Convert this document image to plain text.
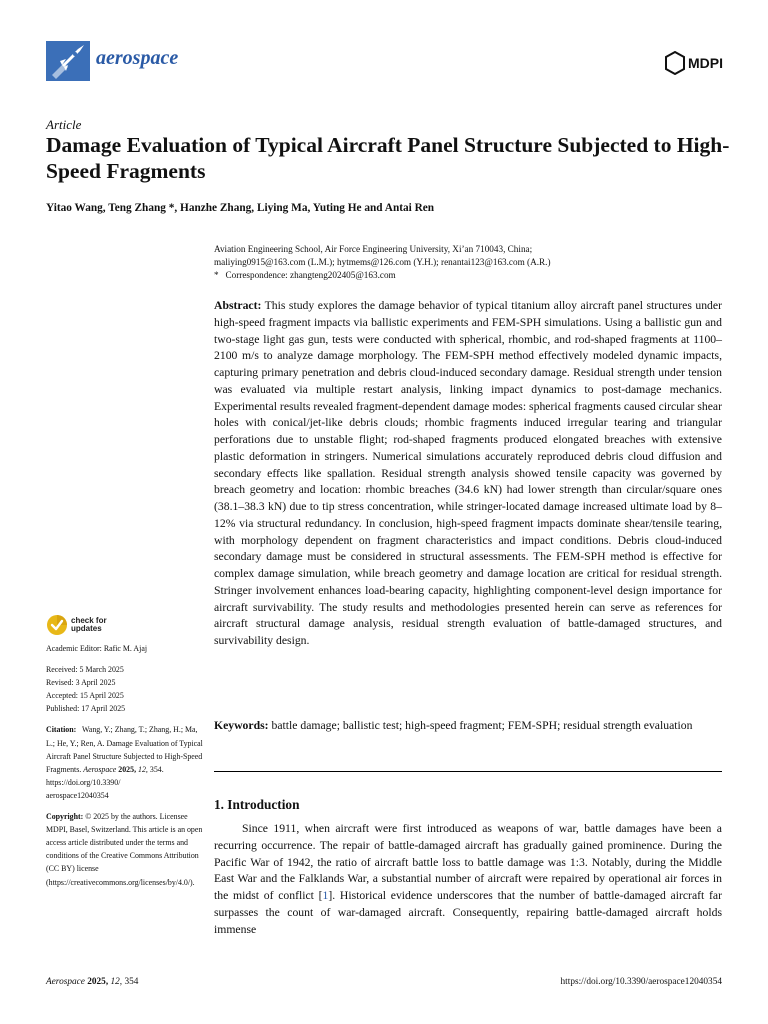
aerospace	MDPI
Article
Damage Evaluation of Typical Aircraft Panel Structure Subjected to High-Speed Fragments
Yitao Wang, Teng Zhang *, Hanzhe Zhang, Liying Ma, Yuting He and Antai Ren
Aviation Engineering School, Air Force Engineering University, Xi’an 710043, China;
maliying0915@163.com (L.M.); hytmems@126.com (Y.H.); renantai123@163.com (A.R.)
* Correspondence: zhangteng202405@163.com
Abstract: This study explores the damage behavior of typical titanium alloy aircraft panel structures under high-speed fragment impacts via ballistic experiments and FEM-SPH simulations. Using a ballistic gun and two-stage light gas gun, tests were conducted with spherical, rhombic, and rod-shaped fragments at 1100–2100 m/s to analyze damage morphology. The FEM-SPH method effectively modeled dynamic impacts, capturing primary penetration and debris cloud-induced secondary damage. Residual strength under tension was evaluated via multiple restart analysis, linking impact dynamics to post-damage mechanics. Experimental results revealed fragment-dependent damage modes: spherical fragments caused circular shear holes with conical/jet-like debris clouds; rhombic fragments induced irregular tearing and triangular perforations due to unstable flight; rod-shaped fragments produced elongated breaches with extensive plastic deformation in stringers. Numerical simulations accurately reproduced debris cloud diffusion and secondary effects like spallation. Residual strength analysis showed tensile capacity was governed by breach geometry and location: rhombic breaches (34.6 kN) had lower strength than circular/square ones (38.1–38.3 kN) due to tip stress concentration, while stringer-located damage increased ultimate load by 8–12% via structural redundancy. In conclusion, high-speed fragment impacts dominate shear/tensile tearing, with morphology dependent on fragment characteristics and impact conditions. Debris cloud-induced secondary damage must be considered in structural assessments. The FEM-SPH method is effective for complex damage simulation, while breach geometry and damage location are critical for residual strength. Stringer involvement enhances load-bearing capacity, highlighting component-level design importance for aircraft survivability. The study results and methodologies presented herein can serve as references for aircraft structural damage analysis, residual strength evaluation of battle-damaged structures, and survivability design.
Keywords: battle damage; ballistic test; high-speed fragment; FEM-SPH; residual strength evaluation
1. Introduction

Since 1911, when aircraft were first introduced as weapons of war, battle damages have been a recurring occurrence. The repair of battle-damaged aircraft has gradually gained prominence. During the Pacific War of 1942, the ratio of aircraft battle loss to battle damage was 1:3. Notably, during the Middle East War and the Falklands War, a substantial number of aircraft were repaired by operational air forces in the midst of conflict [1]. Historical evidence underscores that the number of battle-damaged aircraft far surpasses the count of war-damaged aircraft. Consequently, repairing battle-damaged aircraft holds immense

check for
updates
Academic Editor: Rafic M. Ajaj
Received: 5 March 2025
Revised: 3 April 2025
Accepted: 15 April 2025
Published: 17 April 2025
Citation: Wang, Y.; Zhang, T.; Zhang, H.; Ma, L.; He, Y.; Ren, A. Damage Evaluation of Typical Aircraft Panel Structure Subjected to High-Speed Fragments. Aerospace 2025, 12, 354.
https://doi.org/10.3390/
aerospace12040354
Copyright: © 2025 by the authors. Licensee MDPI, Basel, Switzerland. This article is an open access article distributed under the terms and conditions of the Creative Commons Attribution (CC BY) license (https://creativecommons.org/licenses/by/4.0/).
Aerospace 2025, 12, 354	https://doi.org/10.3390/aerospace12040354
